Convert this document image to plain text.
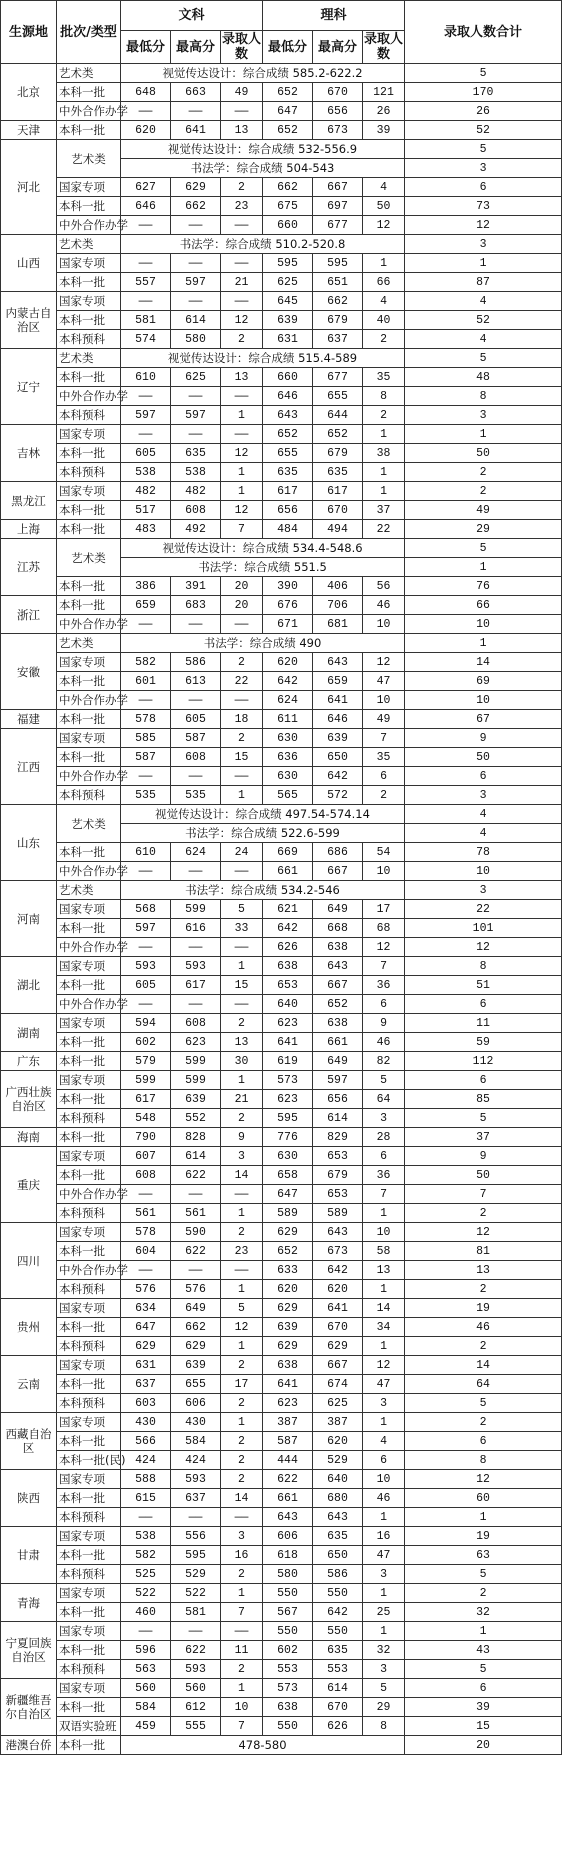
生源地	批次/类型	文科			理科			录取人数合计
		最低分	最高分	录取人数	最低分	最高分	录取人数	
北京	艺术类	视觉传达设计：综合成绩 585.2-622.2						5
	本科一批	648	663	49	652	670	121	170
	中外合作办学	——	——	——	647	656	26	26
天津	本科一批	620	641	13	652	673	39	52
河北	艺术类	视觉传达设计：综合成绩 532-556.9						5
		书法学：综合成绩 504-543						3
	国家专项	627	629	2	662	667	4	6
	本科一批	646	662	23	675	697	50	73
	中外合作办学	——	——	——	660	677	12	12
山西	艺术类	书法学：综合成绩 510.2-520.8						3
	国家专项	——	——	——	595	595	1	1
	本科一批	557	597	21	625	651	66	87
内蒙古自治区	国家专项	——	——	——	645	662	4	4
	本科一批	581	614	12	639	679	40	52
	本科预科	574	580	2	631	637	2	4
辽宁	艺术类	视觉传达设计：综合成绩 515.4-589						5
	本科一批	610	625	13	660	677	35	48
	中外合作办学	——	——	——	646	655	8	8
	本科预科	597	597	1	643	644	2	3
吉林	国家专项	——	——	——	652	652	1	1
	本科一批	605	635	12	655	679	38	50
	本科预科	538	538	1	635	635	1	2
黑龙江	国家专项	482	482	1	617	617	1	2
	本科一批	517	608	12	656	670	37	49
上海	本科一批	483	492	7	484	494	22	29
江苏	艺术类	视觉传达设计：综合成绩 534.4-548.6						5
		书法学：综合成绩 551.5						1
	本科一批	386	391	20	390	406	56	76
浙江	本科一批	659	683	20	676	706	46	66
	中外合作办学	——	——	——	671	681	10	10
安徽	艺术类	书法学：综合成绩 490						1
	国家专项	582	586	2	620	643	12	14
	本科一批	601	613	22	642	659	47	69
	中外合作办学	——	——	——	624	641	10	10
福建	本科一批	578	605	18	611	646	49	67
江西	国家专项	585	587	2	630	639	7	9
	本科一批	587	608	15	636	650	35	50
	中外合作办学	——	——	——	630	642	6	6
	本科预科	535	535	1	565	572	2	3
山东	艺术类	视觉传达设计：综合成绩 497.54-574.14						4
		书法学：综合成绩 522.6-599						4
	本科一批	610	624	24	669	686	54	78
	中外合作办学	——	——	——	661	667	10	10
河南	艺术类	书法学：综合成绩 534.2-546						3
	国家专项	568	599	5	621	649	17	22
	本科一批	597	616	33	642	668	68	101
	中外合作办学	——	——	——	626	638	12	12
湖北	国家专项	593	593	1	638	643	7	8
	本科一批	605	617	15	653	667	36	51
	中外合作办学	——	——	——	640	652	6	6
湖南	国家专项	594	608	2	623	638	9	11
	本科一批	602	623	13	641	661	46	59
广东	本科一批	579	599	30	619	649	82	112
广西壮族自治区	国家专项	599	599	1	573	597	5	6
	本科一批	617	639	21	623	656	64	85
	本科预科	548	552	2	595	614	3	5
海南	本科一批	790	828	9	776	829	28	37
重庆	国家专项	607	614	3	630	653	6	9
	本科一批	608	622	14	658	679	36	50
	中外合作办学	——	——	——	647	653	7	7
	本科预科	561	561	1	589	589	1	2
四川	国家专项	578	590	2	629	643	10	12
	本科一批	604	622	23	652	673	58	81
	中外合作办学	——	——	——	633	642	13	13
	本科预科	576	576	1	620	620	1	2
贵州	国家专项	634	649	5	629	641	14	19
	本科一批	647	662	12	639	670	34	46
	本科预科	629	629	1	629	629	1	2
云南	国家专项	631	639	2	638	667	12	14
	本科一批	637	655	17	641	674	47	64
	本科预科	603	606	2	623	625	3	5
西藏自治区	国家专项	430	430	1	387	387	1	2
	本科一批	566	584	2	587	620	4	6
	本科一批(民)	424	424	2	444	529	6	8
陕西	国家专项	588	593	2	622	640	10	12
	本科一批	615	637	14	661	680	46	60
	本科预科	——	——	——	643	643	1	1
甘肃	国家专项	538	556	3	606	635	16	19
	本科一批	582	595	16	618	650	47	63
	本科预科	525	529	2	580	586	3	5
青海	国家专项	522	522	1	550	550	1	2
	本科一批	460	581	7	567	642	25	32
宁夏回族自治区	国家专项	——	——	——	550	550	1	1
	本科一批	596	622	11	602	635	32	43
	本科预科	563	593	2	553	553	3	5
新疆维吾尔自治区	国家专项	560	560	1	573	614	5	6
	本科一批	584	612	10	638	670	29	39
	双语实验班	459	555	7	550	626	8	15
港澳台侨	本科一批	478-580						20
